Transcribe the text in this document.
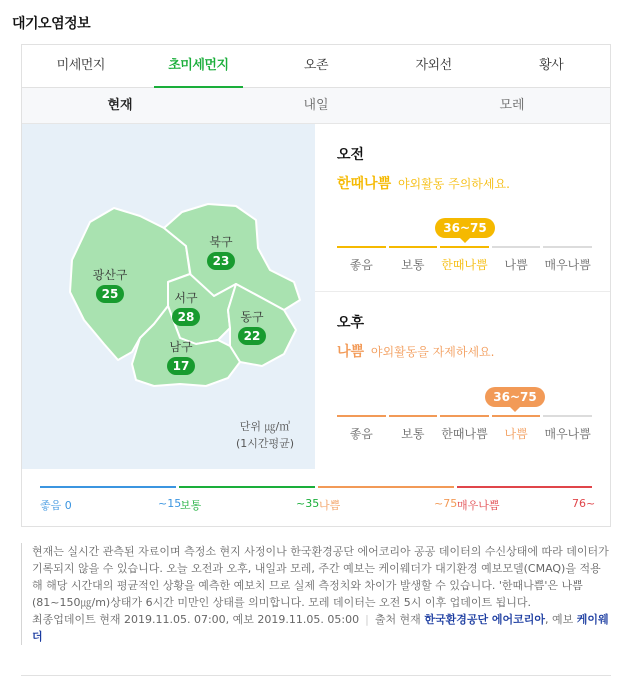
대기오염정보
미세먼지	초미세먼지	오존	자외선	황사
현재	내일	모레
북구
23
광산구
25	서구
28	동구
22
남구
17
단위 ㎍/㎥
(1시간평균)
오전
한때나쁨 야외활동 주의하세요.
36~75
좋음	보통	한때나쁨	나쁨	매우나쁨
오후
나쁨 야외활동을 자제하세요.
36~75
좋음	보통	한때나쁨	나쁨	매우나쁨
좋음 0	~15
보통	~35 나쁨	~75 매우나쁨	76~

현재는 실시간 관측된 자료이며 측정소 현지 사정이나 한국환경공단 에어코리아 공공 데이터의 수신상태에 따라 데이터가 기록되지 않을 수 있습니다. 오늘 오전과 오후, 내일과 모레, 주간 예보는 케이웨더가 대기환경 예보모델(CMAQ)을 적용해 해당 시간대의 평균적인 상황을 예측한 예보치 므로 실제 측정치와 차이가 발생할 수 있습니다. '한때나쁨'은 나쁨(81~150㎍/m)상태가 6시간 미만인 상태를 의미합니다. 모레 데이터는 오전 5시 이후 업데이트 됩니다.

최종업데이트 현재 2019.11.05. 07:00, 예보 2019.11.05. 05:00 | 출처 현재 한국환경공단 에어코리아, 예보 케이웨더
